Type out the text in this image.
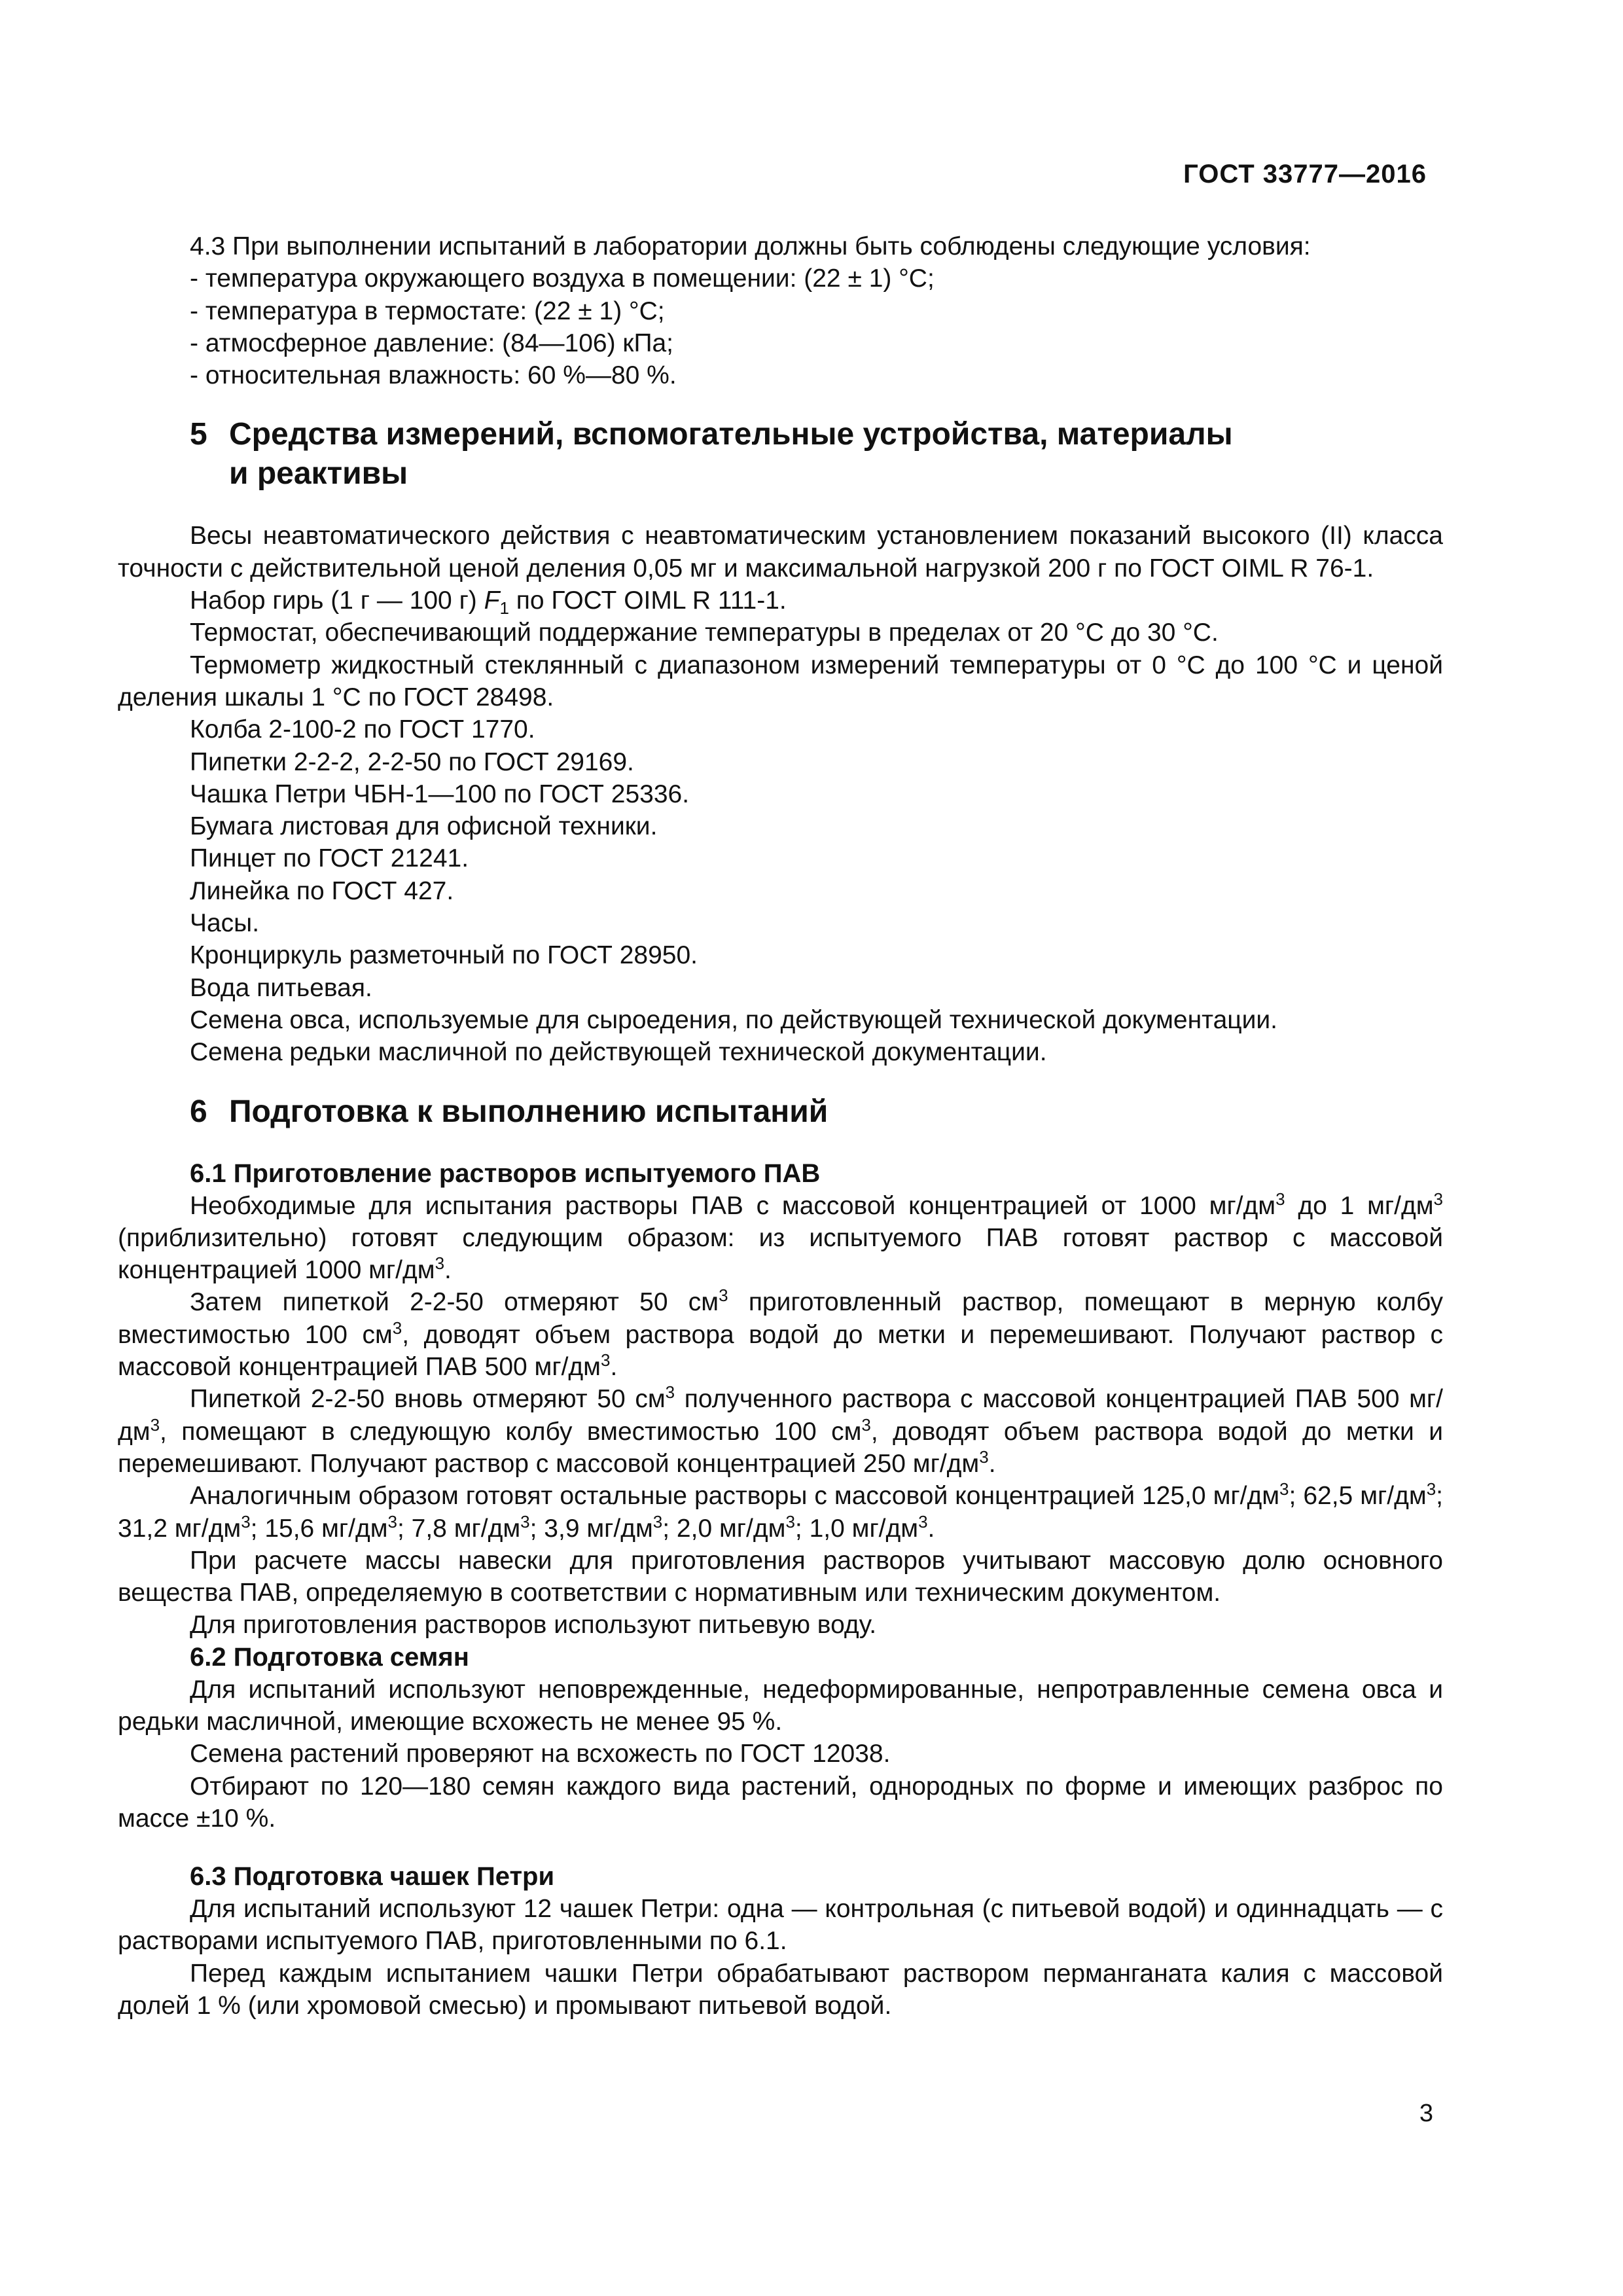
ГОСТ 33777—2016

4.3 При выполнении испытаний в лаборатории должны быть соблюдены следующие условия:

- температура окружающего воздуха в помещении: (22 ± 1) °С;

- температура в термостате: (22 ± 1) °С;

- атмосферное давление: (84—106) кПа;

- относительная влажность: 60 %—80 %.

5 Средства измерений, вспомогательные устройства, материалы

и реактивы

Весы неавтоматического действия с неавтоматическим установлением показаний высокого (II) класса точности с действительной ценой деления 0,05 мг и максимальной нагрузкой 200 г по ГОСТ OIML R 76-1.

Набор гирь (1 г — 100 г) $F_1$ по ГОСТ OIML R 111-1.

Термостат, обеспечивающий поддержание температуры в пределах от 20 °С до 30 °С.

Термометр жидкостный стеклянный с диапазоном измерений температуры от 0 °С до 100 °С и ценой деления шкалы 1 °С по ГОСТ 28498.

Колба 2-100-2 по ГОСТ 1770.

Пипетки 2-2-2, 2-2-50 по ГОСТ 29169.

Чашка Петри ЧБН-1—100 по ГОСТ 25336.

Бумага листовая для офисной техники.

Пинцет по ГОСТ 21241.

Линейка по ГОСТ 427.

Часы.

Кронциркуль разметочный по ГОСТ 28950.

Вода питьевая.

Семена овса, используемые для сыроедения, по действующей технической документации.

Семена редьки масличной по действующей технической документации.

6 Подготовка к выполнению испытаний

6.1 Приготовление растворов испытуемого ПАВ

Необходимые для испытания растворы ПАВ с массовой концентрацией от 1000 $мг/дм^3$ до 1 $мг/дм^3$ (приблизительно) готовят следующим образом: из испытуемого ПАВ готовят раствор с массовой концентрацией 1000 $мг/дм^3$.

Затем пипеткой 2-2-50 отмеряют 50 $см^3$ приготовленный раствор, помещают в мерную колбу вместимостью 100 $см^3$, доводят объем раствора водой до метки и перемешивают. Получают раствор с массовой концентрацией ПАВ 500 $мг/дм^3$.

Пипеткой 2-2-50 вновь отмеряют 50 $см^3$ полученного раствора с массовой концентрацией ПАВ 500 $мг/дм^3$, помещают в следующую колбу вместимостью 100 $см^3$, доводят объем раствора водой до метки и перемешивают. Получают раствор с массовой концентрацией 250 $мг/дм^3$.

Аналогичным образом готовят остальные растворы с массовой концентрацией 125,0 $мг/дм^3$; 62,5 $мг/дм^3$; 31,2 $мг/дм^3$; 15,6 $мг/дм^3$; 7,8 $мг/дм^3$; 3,9 $мг/дм^3$; 2,0 $мг/дм^3$; 1,0 $мг/дм^3$.

При расчете массы навески для приготовления растворов учитывают массовую долю основного вещества ПАВ, определяемую в соответствии с нормативным или техническим документом.

Для приготовления растворов используют питьевую воду.

6.2 Подготовка семян

Для испытаний используют неповрежденные, недеформированные, непротравленные семена овса и редьки масличной, имеющие всхожесть не менее 95 %.

Семена растений проверяют на всхожесть по ГОСТ 12038.

Отбирают по 120—180 семян каждого вида растений, однородных по форме и имеющих разброс по массе ±10 %.

6.3 Подготовка чашек Петри

Для испытаний используют 12 чашек Петри: одна — контрольная (с питьевой водой) и одиннадцать — с растворами испытуемого ПАВ, приготовленными по 6.1.

Перед каждым испытанием чашки Петри обрабатывают раствором перманганата калия с массовой долей 1 % (или хромовой смесью) и промывают питьевой водой.

3
